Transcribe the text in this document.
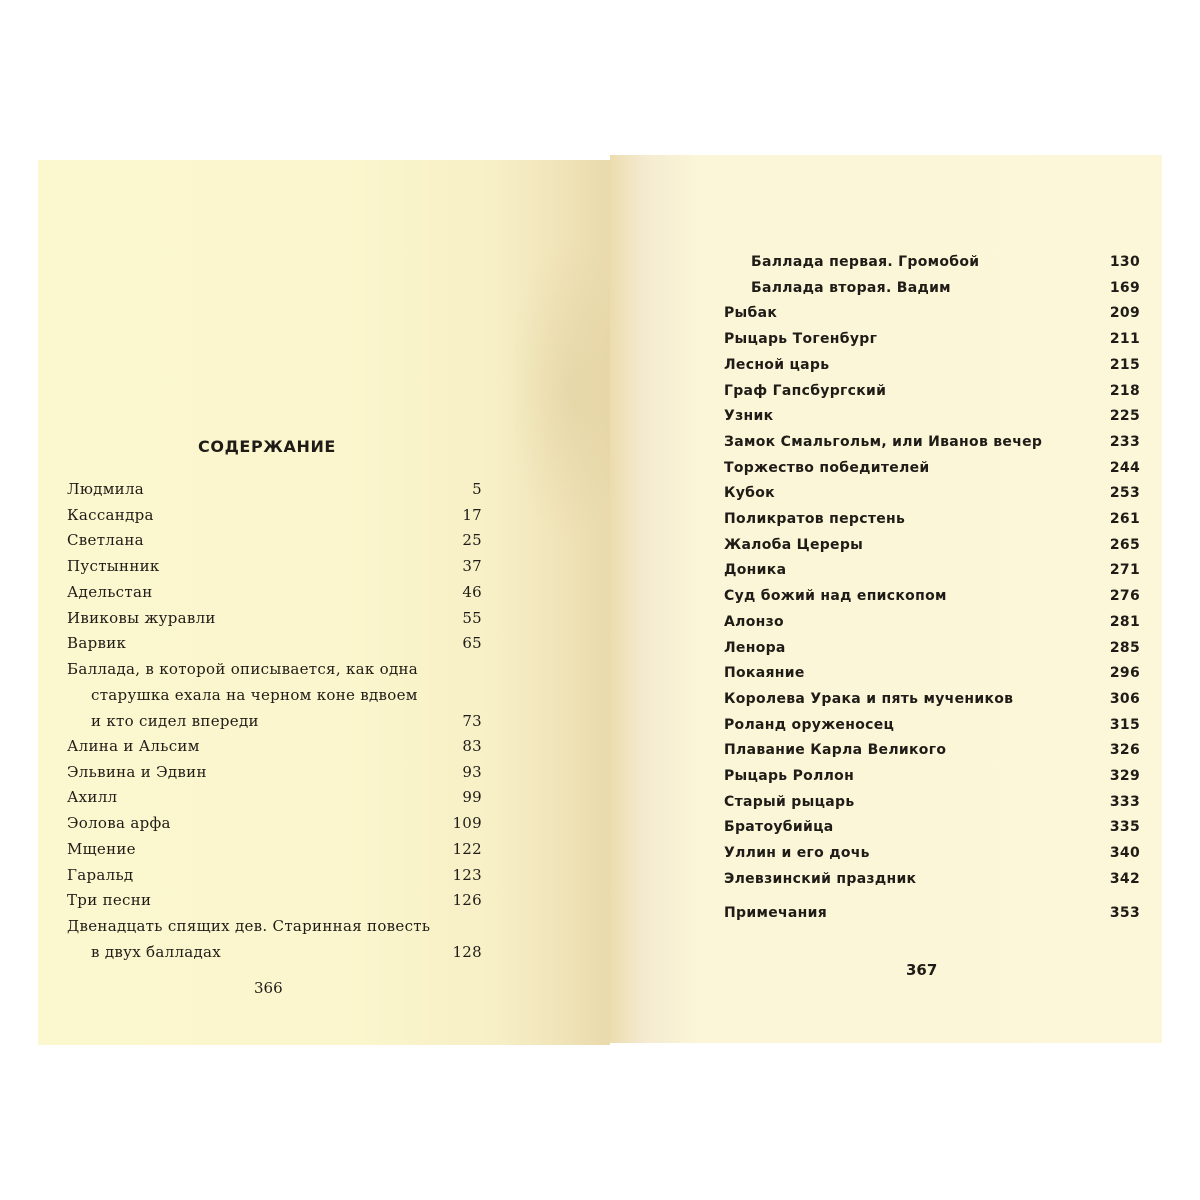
СОДЕРЖАНИЕ
Людмила	5
Кассандра	17
Светлана	25
Пустынник	37
Адельстан	46
Ивиковы журавли	55
Варвик	65
Баллада, в которой описывается, как одна
старушка ехала на черном коне вдвоем
и кто сидел впереди	73
Алина и Альсим	83
Эльвина и Эдвин	93
Ахилл	99
Эолова арфа	109
Мщение	122
Гаральд	123
Три песни	126
Двенадцать спящих дев. Старинная повесть
в двух балладах	128
366
Баллада первая. Громобой	130
Баллада вторая. Вадим	169
Рыбак	209
Рыцарь Тогенбург	211
Лесной царь	215
Граф Гапсбургский	218
Узник	225
Замок Смальгольм, или Иванов вечер	233
Торжество победителей	244
Кубок	253
Поликратов перстень	261
Жалоба Цереры	265
Доника	271
Суд божий над епископом	276
Алонзо	281
Ленора	285
Покаяние	296
Королева Урака и пять мучеников	306
Роланд оруженосец	315
Плавание Карла Великого	326
Рыцарь Роллон	329
Старый рыцарь	333
Братоубийца	335
Уллин и его дочь	340
Элевзинский праздник	342
Примечания	353
367
